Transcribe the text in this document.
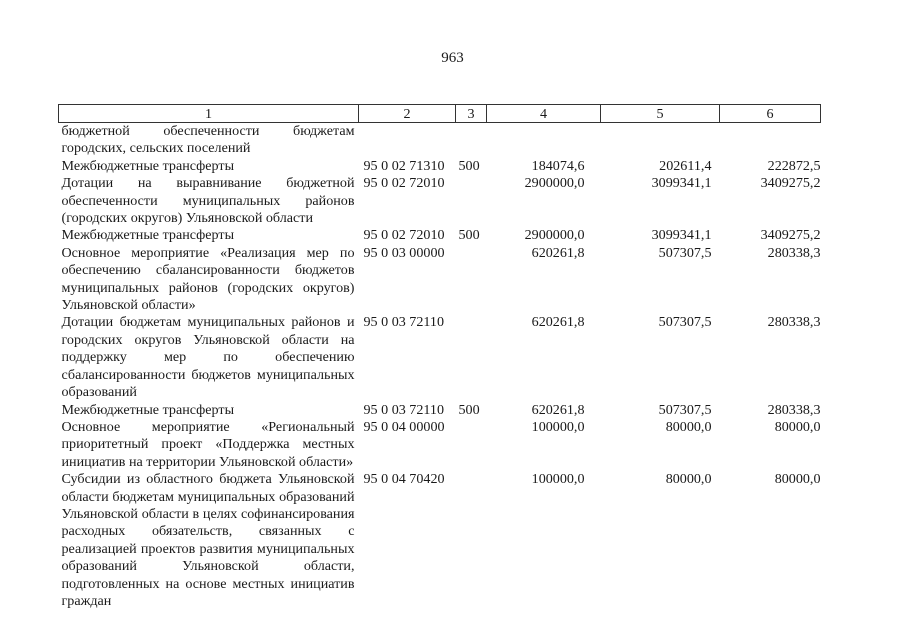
963
1	2	3	4	5	6
бюджетной обеспеченности бюджетам городских, сельских поселений					
Межбюджетные трансферты	95 0 02 71310	500	184074,6	202611,4	222872,5
Дотации на выравнивание бюджетной обеспеченности муниципальных районов (городских округов) Ульяновской области	95 0 02 72010		2900000,0	3099341,1	3409275,2
Межбюджетные трансферты	95 0 02 72010	500	2900000,0	3099341,1	3409275,2
Основное мероприятие «Реализация мер по обеспечению сбалансированности бюджетов муниципальных районов (городских округов) Ульяновской области»	95 0 03 00000		620261,8	507307,5	280338,3
Дотации бюджетам муниципальных районов и городских округов Ульяновской области на поддержку мер по обеспечению сбалансированности бюджетов муниципальных образований	95 0 03 72110		620261,8	507307,5	280338,3
Межбюджетные трансферты	95 0 03 72110	500	620261,8	507307,5	280338,3
Основное мероприятие «Региональный приоритетный проект «Поддержка местных инициатив на территории Ульяновской области»	95 0 04 00000		100000,0	80000,0	80000,0
Субсидии из областного бюджета Ульяновской области бюджетам муниципальных образований Ульяновской области в целях софинансирования расходных обязательств, связанных с реализацией проектов развития муниципальных образований Ульяновской области, подготовленных на основе местных инициатив граждан	95 0 04 70420		100000,0	80000,0	80000,0
